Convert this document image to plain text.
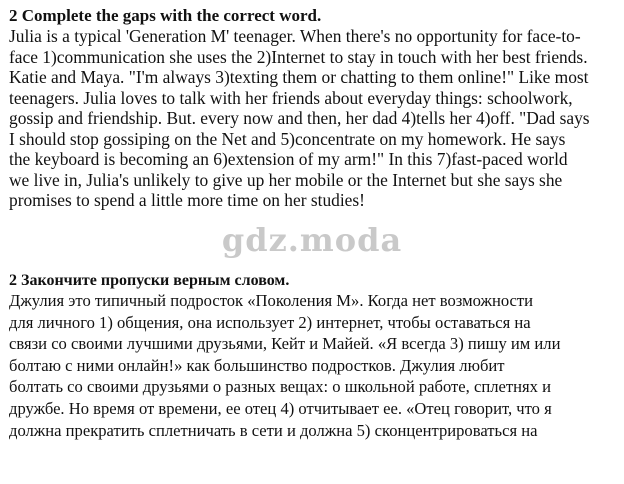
2 Complete the gaps with the correct word.

Julia is a typical 'Generation M' teenager. When there's no opportunity for face-to-
face 1)communication she uses the 2)Internet to stay in touch with her best friends.
Katie and Maya. "I'm always 3)texting them or chatting to them online!" Like most
teenagers. Julia loves to talk with her friends about everyday things: schoolwork,
gossip and friendship. But. every now and then, her dad 4)tells her 4)off. "Dad says
I should stop gossiping on the Net and 5)concentrate on my homework. He says
the keyboard is becoming an 6)extension of my arm!" In this 7)fast-paced world
we live in, Julia's unlikely to give up her mobile or the Internet but she says she
promises to spend a little more time on her studies!
gdz.moda

2 Закончите пропуски верным словом.

Джулия это типичный подросток «Поколения М». Когда нет возможности
для личного 1) общения, она использует 2) интернет, чтобы оставаться на
связи со своими лучшими друзьями, Кейт и Майей. «Я всегда 3) пишу им или
болтаю с ними онлайн!» как большинство подростков. Джулия любит
болтать со своими друзьями о разных вещах: о школьной работе, сплетнях и
дружбе. Но время от времени, ее отец 4) отчитывает ее. «Отец говорит, что я
должна прекратить сплетничать в сети и должна 5) сконцентрироваться на
